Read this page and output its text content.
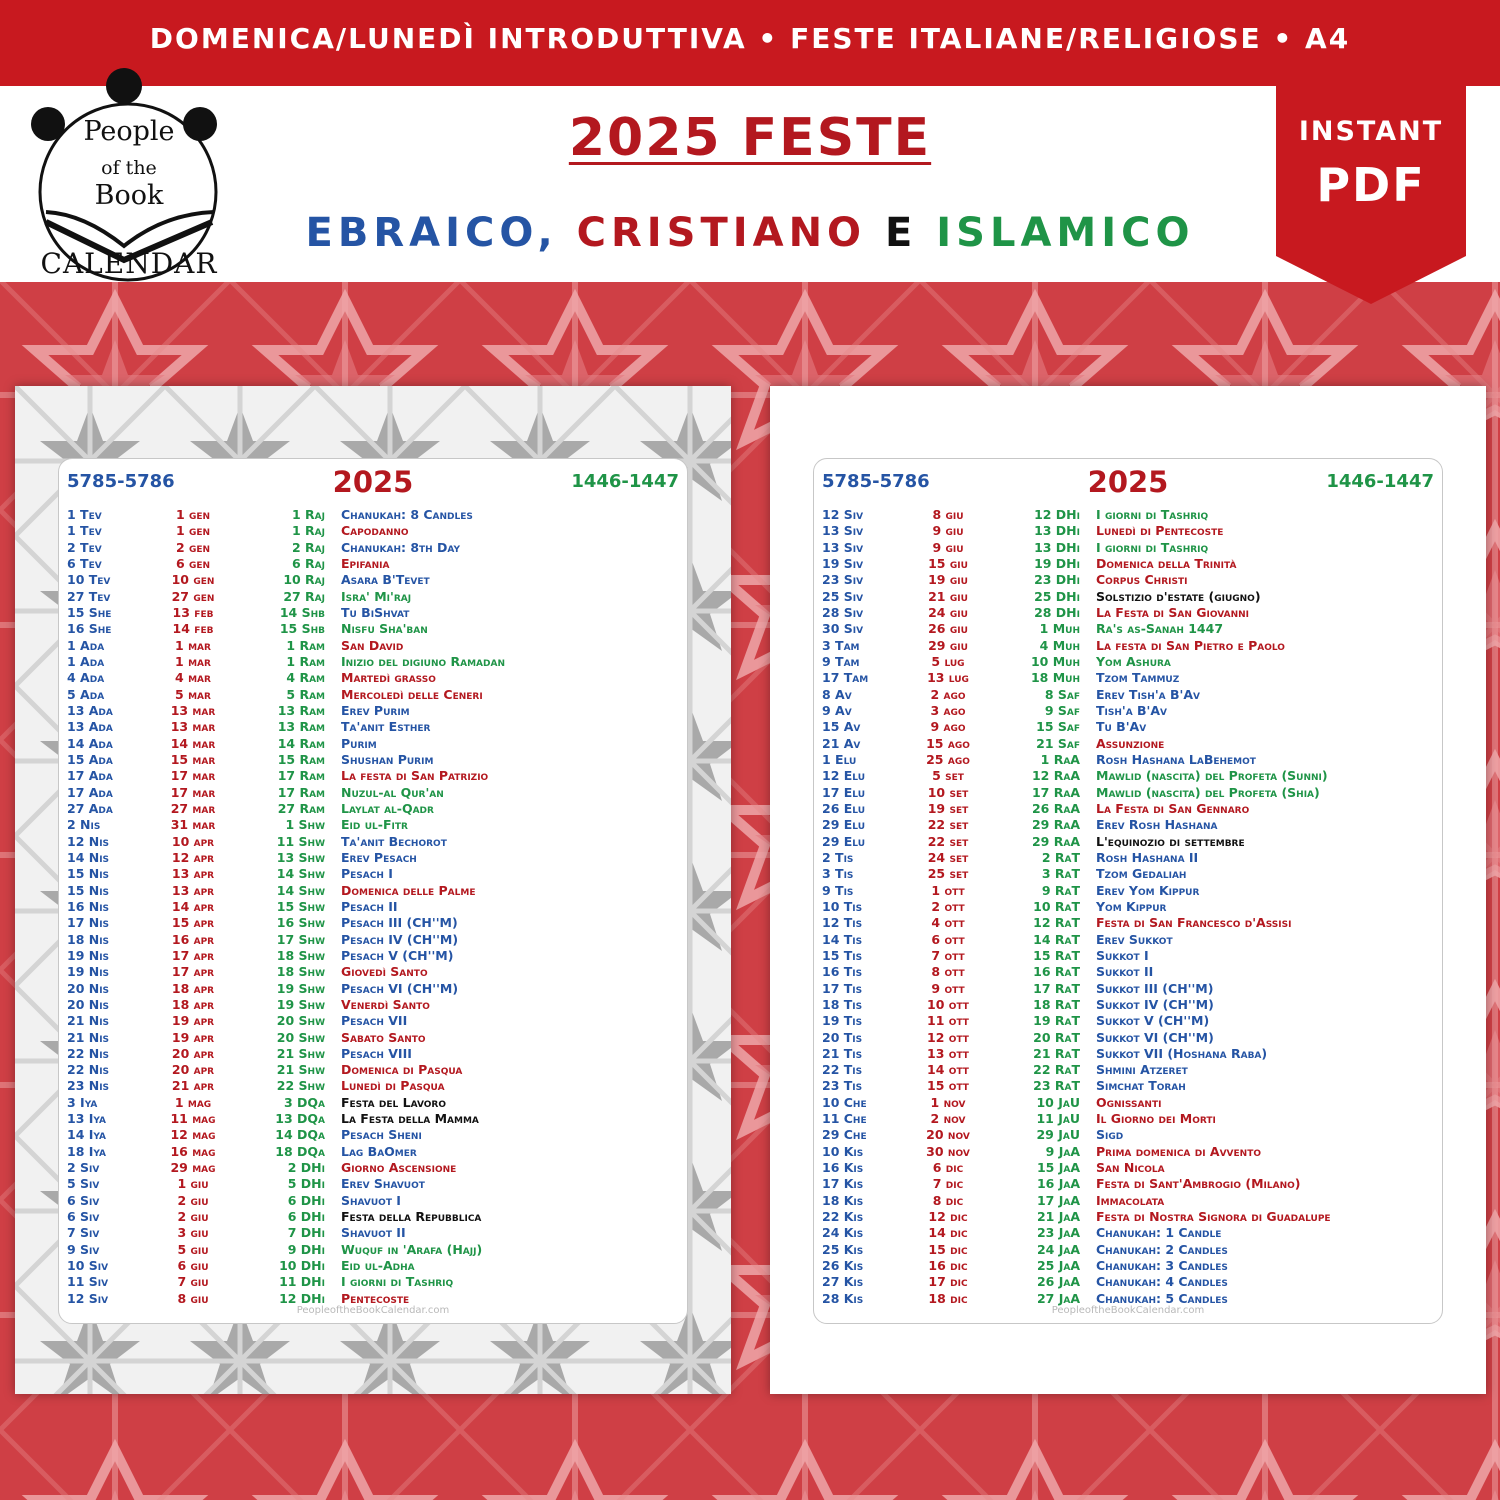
DOMENICA/LUNEDÌ INTRODUTTIVA • FESTE ITALIANE/RELIGIOSE • A4
People
of the
Book
CALENDAR
2025 FESTE
EBRAICO, CRISTIANO E ISLAMICO
INSTANT
PDF
2025
5785-5786	1446-1447
1 Tev	1 gen	1 Raj Chanukah: 8 Candles
1 Tev	1 gen	1 Raj Capodanno
2 Tev	2 gen	2 Raj Chanukah: 8th Day
6 Tev	6 gen	6 Raj Epifania
10 Tev	10 gen	10 Raj Asara B'Tevet
27 Tev	27 gen	27 Raj Isra' Mi'raj
15 She	13 feb	14 Shb Tu BiShvat
16 She	14 feb	15 Shb Nisfu Sha'ban
1 Ada	1 mar	1 Ram San David
1 Ada	1 mar	1 Ram Inizio del digiuno Ramadan
4 Ada	4 mar	4 Ram Martedì grasso
5 Ada	5 mar	5 Ram Mercoledì delle Ceneri
13 Ada	13 mar	13 Ram Erev Purim
13 Ada	13 mar	13 Ram Ta'anit Esther
14 Ada	14 mar	14 Ram Purim
15 Ada	15 mar	15 Ram Shushan Purim
17 Ada	17 mar	17 Ram La festa di San Patrizio
17 Ada	17 mar	17 Ram Nuzul-al Qur'an
27 Ada	27 mar	27 Ram Laylat al-Qadr
2 Nis	31 mar	1 Shw Eid ul-Fitr
12 Nis	10 apr	11 Shw Ta'anit Bechorot
14 Nis	12 apr	13 Shw Erev Pesach
15 Nis	13 apr	14 Shw Pesach I
15 Nis	13 apr	14 Shw Domenica delle Palme
16 Nis	14 apr	15 Shw Pesach II
17 Nis	15 apr	16 Shw Pesach III (CH''M)
18 Nis	16 apr	17 Shw Pesach IV (CH''M)
19 Nis	17 apr	18 Shw Pesach V (CH''M)
19 Nis	17 apr	18 Shw Giovedì Santo
20 Nis	18 apr	19 Shw Pesach VI (CH''M)
20 Nis	18 apr	19 Shw Venerdì Santo
21 Nis	19 apr	20 Shw Pesach VII
21 Nis	19 apr	20 Shw Sabato Santo
22 Nis	20 apr	21 Shw Pesach VIII
22 Nis	20 apr	21 Shw Domenica di Pasqua
23 Nis	21 apr	22 Shw Lunedì di Pasqua
3 Iya	1 mag	3 DQa Festa del Lavoro
13 Iya	11 mag	13 DQa La Festa della Mamma
14 Iya	12 mag	14 DQa Pesach Sheni
18 Iya	16 mag	18 DQa Lag BaOmer
2 Siv	29 mag	2 DHi Giorno Ascensione
5 Siv	1 giu	5 DHi Erev Shavuot
6 Siv	2 giu	6 DHi Shavuot I
6 Siv	2 giu	6 DHi Festa della Repubblica
7 Siv	3 giu	7 DHi Shavuot II
9 Siv	5 giu	9 DHi Wuquf in 'Arafa (Hajj)
10 Siv	6 giu	10 DHi Eid ul-Adha
11 Siv	7 giu	11 DHi I giorni di Tashriq
12 Siv	8 giu	12 DHi Pentecoste
PeopleoftheBookCalendar.com
2025
5785-5786	1446-1447
12 Siv	8 giu	12 DHi I giorni di Tashriq
13 Siv	9 giu	13 DHi Lunedì di Pentecoste
13 Siv	9 giu	13 DHi I giorni di Tashriq
19 Siv	15 giu	19 DHi Domenica della Trinità
23 Siv	19 giu	23 DHi Corpus Christi
25 Siv	21 giu	25 DHi Solstizio d'estate (giugno)
28 Siv	24 giu	28 DHi La Festa di San Giovanni
30 Siv	26 giu	1 Muh Ra's as-Sanah 1447
3 Tam	29 giu	4 Muh La festa di San Pietro e Paolo
9 Tam	5 lug	10 Muh Yom Ashura
17 Tam	13 lug	18 Muh Tzom Tammuz
8 Av	2 ago	8 Saf Erev Tish'a B'Av
9 Av	3 ago	9 Saf Tish'a B'Av
15 Av	9 ago	15 Saf Tu B'Av
21 Av	15 ago	21 Saf Assunzione
1 Elu	25 ago	1 RaA Rosh Hashana LaBehemot
12 Elu	5 set	12 RaA Mawlid (nascita) del Profeta (Sunni)
17 Elu	10 set	17 RaA Mawlid (nascita) del Profeta (Shia)
26 Elu	19 set	26 RaA La Festa di San Gennaro
29 Elu	22 set	29 RaA Erev Rosh Hashana
29 Elu	22 set	29 RaA L'equinozio di settembre
2 Tis	24 set	2 RaT Rosh Hashana II
3 Tis	25 set	3 RaT Tzom Gedaliah
9 Tis	1 ott	9 RaT Erev Yom Kippur
10 Tis	2 ott	10 RaT Yom Kippur
12 Tis	4 ott	12 RaT Festa di San Francesco d'Assisi
14 Tis	6 ott	14 RaT Erev Sukkot
15 Tis	7 ott	15 RaT Sukkot I
16 Tis	8 ott	16 RaT Sukkot II
17 Tis	9 ott	17 RaT Sukkot III (CH''M)
18 Tis	10 ott	18 RaT Sukkot IV (CH''M)
19 Tis	11 ott	19 RaT Sukkot V (CH''M)
20 Tis	12 ott	20 RaT Sukkot VI (CH''M)
21 Tis	13 ott	21 RaT Sukkot VII (Hoshana Raba)
22 Tis	14 ott	22 RaT Shmini Atzeret
23 Tis	15 ott	23 RaT Simchat Torah
10 Che	1 nov	10 JaU Ognissanti
11 Che	2 nov	11 JaU Il Giorno dei Morti
29 Che	20 nov	29 JaU Sigd
10 Kis	30 nov	9 JaA Prima domenica di Avvento
16 Kis	6 dic	15 JaA San Nicola
17 Kis	7 dic	16 JaA Festa di Sant'Ambrogio (Milano)
18 Kis	8 dic	17 JaA Immacolata
22 Kis	12 dic	21 JaA Festa di Nostra Signora di Guadalupe
24 Kis	14 dic	23 JaA Chanukah: 1 Candle
25 Kis	15 dic	24 JaA Chanukah: 2 Candles
26 Kis	16 dic	25 JaA Chanukah: 3 Candles
27 Kis	17 dic	26 JaA Chanukah: 4 Candles
28 Kis	18 dic	27 JaA Chanukah: 5 Candles
PeopleoftheBookCalendar.com
